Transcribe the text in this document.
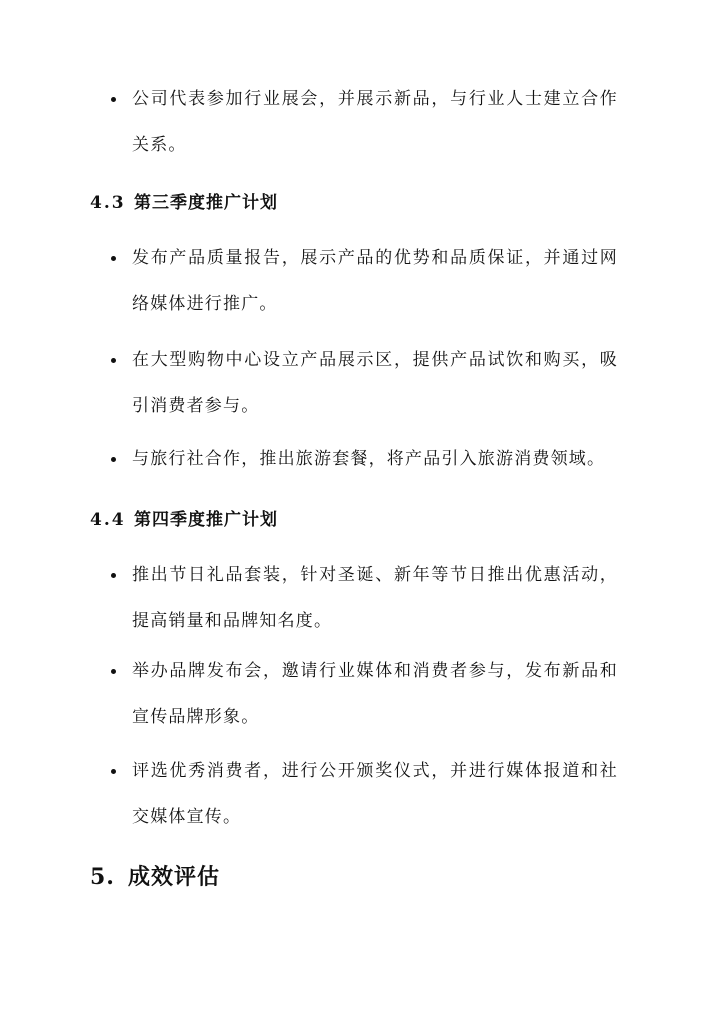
公司代表参加行业展会，并展示新品，与行业人士建立合作关系。
4.3 第三季度推广计划
发布产品质量报告，展示产品的优势和品质保证，并通过网络媒体进行推广。
在大型购物中心设立产品展示区，提供产品试饮和购买，吸引消费者参与。
与旅行社合作，推出旅游套餐，将产品引入旅游消费领域。
4.4 第四季度推广计划
推出节日礼品套装，针对圣诞、新年等节日推出优惠活动，提高销量和品牌知名度。
举办品牌发布会，邀请行业媒体和消费者参与，发布新品和宣传品牌形象。
评选优秀消费者，进行公开颁奖仪式，并进行媒体报道和社交媒体宣传。
5. 成效评估
